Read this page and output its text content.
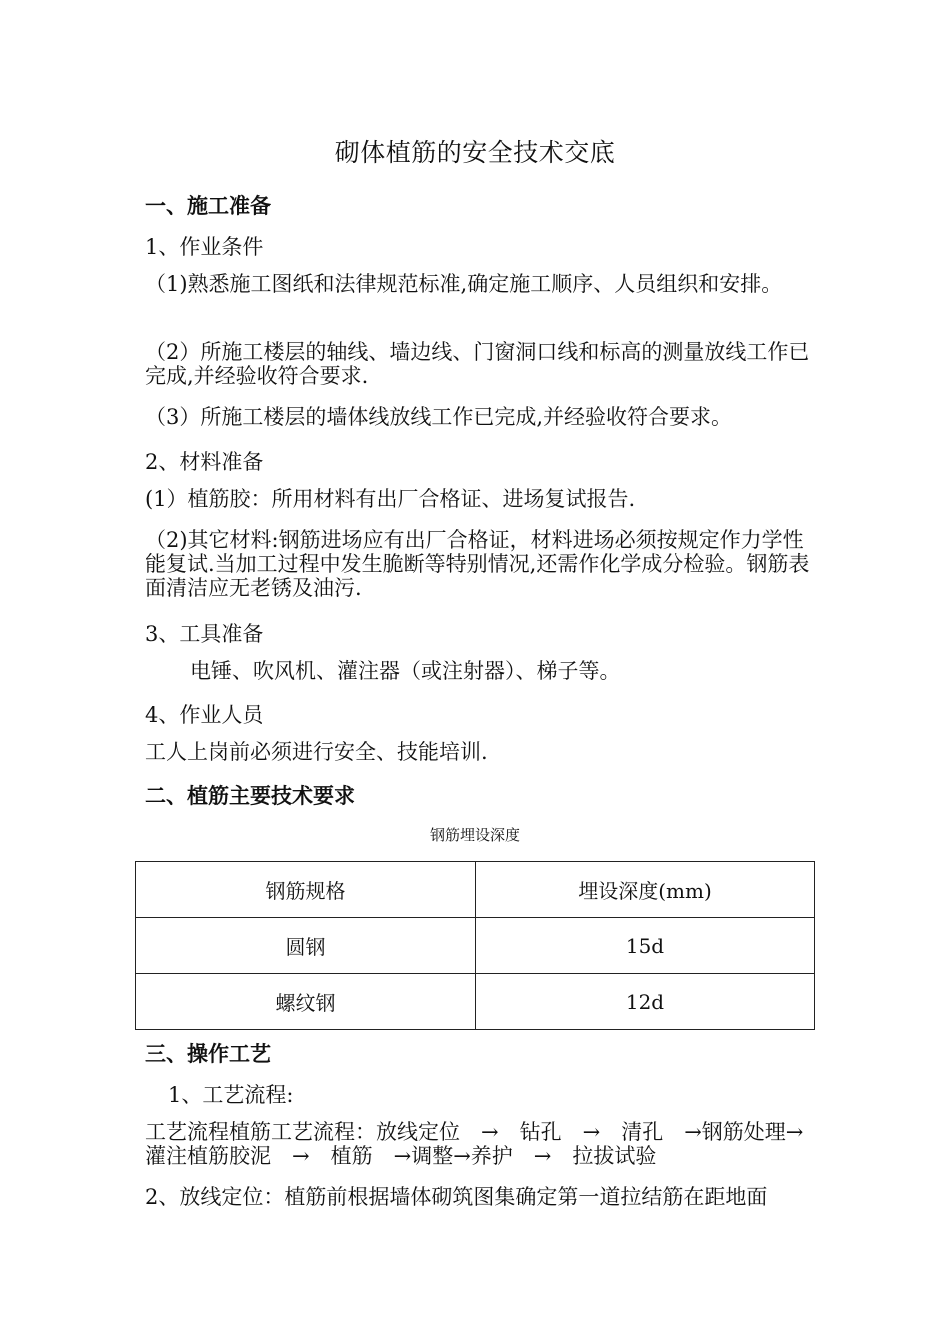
砌体植筋的安全技术交底
一、施工准备
1、作业条件
（1)熟悉施工图纸和法律规范标准,确定施工顺序、人员组织和安排。
（2）所施工楼层的轴线、墙边线、门窗洞口线和标高的测量放线工作已完成,并经验收符合要求.
（3）所施工楼层的墙体线放线工作已完成,并经验收符合要求。
2、材料准备
(1）植筋胶：所用材料有出厂合格证、进场复试报告.
（2)其它材料:钢筋进场应有出厂合格证，材料进场必须按规定作力学性能复试.当加工过程中发生脆断等特别情况,还需作化学成分检验。钢筋表面清洁应无老锈及油污.
3、工具准备
电锤、吹风机、灌注器（或注射器）、梯子等。
4、作业人员
工人上岗前必须进行安全、技能培训.
二、植筋主要技术要求
钢筋埋设深度
钢筋规格	埋设深度(mm)
圆钢	15d
螺纹钢	12d
三、操作工艺
1、工艺流程:
工艺流程植筋工艺流程：放线定位　→　钻孔　→　清孔　→钢筋处理→灌注植筋胶泥　→　植筋　→调整→养护　→　拉拔试验
2、放线定位：植筋前根据墙体砌筑图集确定第一道拉结筋在距地面
